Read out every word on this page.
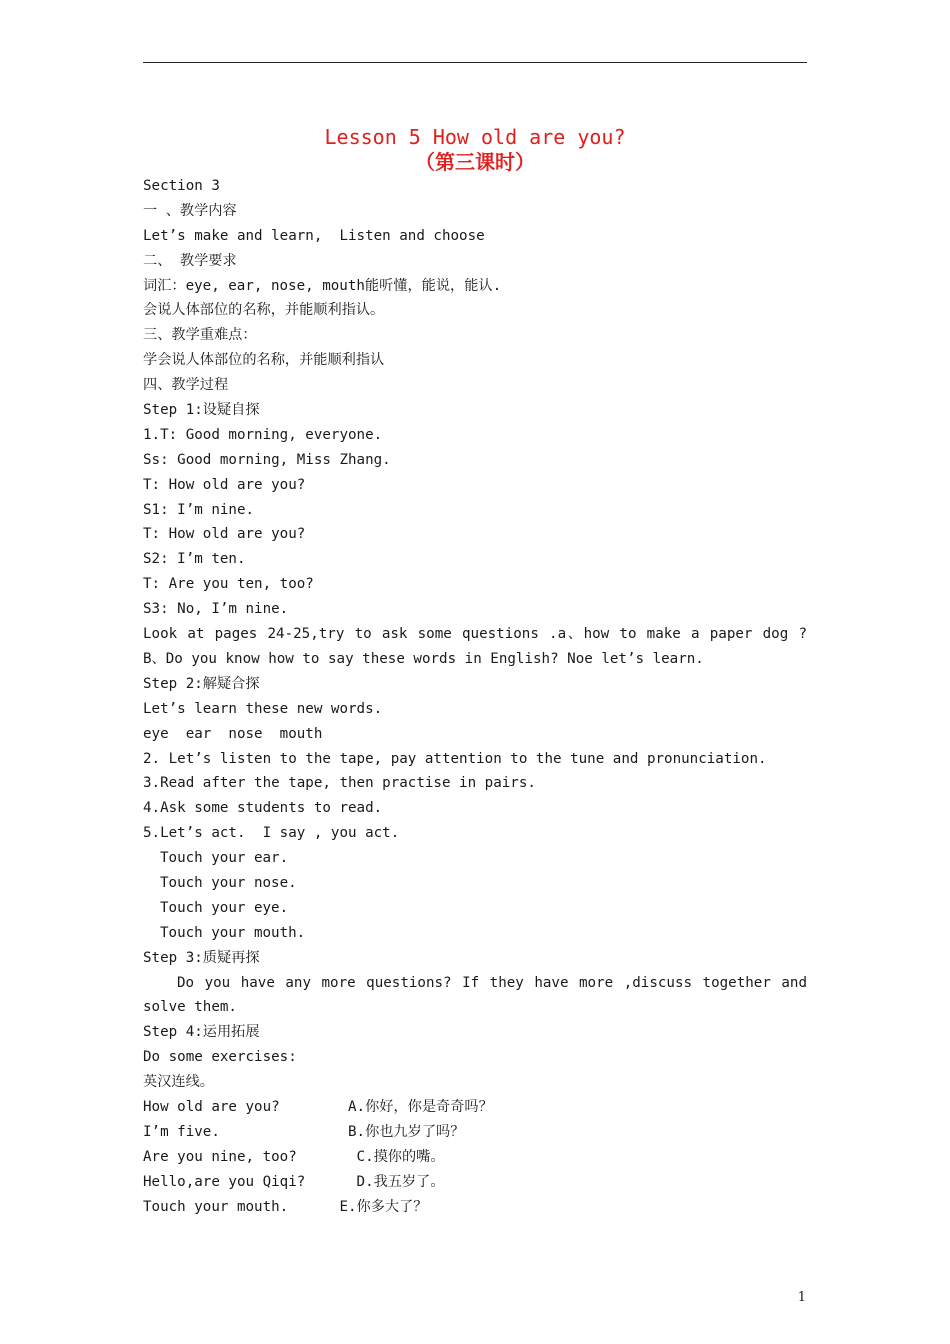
Lesson 5 How old are you?
（第三课时）
Section 3
一 、教学内容
Let’s make and learn,  Listen and choose
二、 教学要求
词汇：eye, ear, nose, mouth能听懂，能说，能认.
会说人体部位的名称，并能顺利指认。
三、教学重难点：
学会说人体部位的名称，并能顺利指认
四、教学过程
Step 1:设疑自探
1.T: Good morning, everyone.
Ss: Good morning, Miss Zhang.
T: How old are you?
S1: I’m nine.
T: How old are you?
S2: I’m ten.
T: Are you ten, too?
S3: No, I’m nine.
Look at pages 24-25,try to ask some questions .a、how to make a paper dog ?
B、Do you know how to say these words in English? Noe let’s learn.
Step 2:解疑合探
Let’s learn these new words.
eye  ear  nose  mouth
2. Let’s listen to the tape, pay attention to the tune and pronunciation.
3.Read after the tape, then practise in pairs.
4.Ask some students to read.
5.Let’s act.  I say , you act.
Touch your ear.
Touch your nose.
Touch your eye.
Touch your mouth.
Step 3:质疑再探
Do you have any more questions? If they have more ,discuss together and
solve them.
Step 4:运用拓展
Do some exercises:
英汉连线。
How old are you?        A.你好，你是奇奇吗？
I’m five.               B.你也九岁了吗？
Are you nine, too?       C.摸你的嘴。
Hello,are you Qiqi?      D.我五岁了。
Touch your mouth.      E.你多大了？
1
